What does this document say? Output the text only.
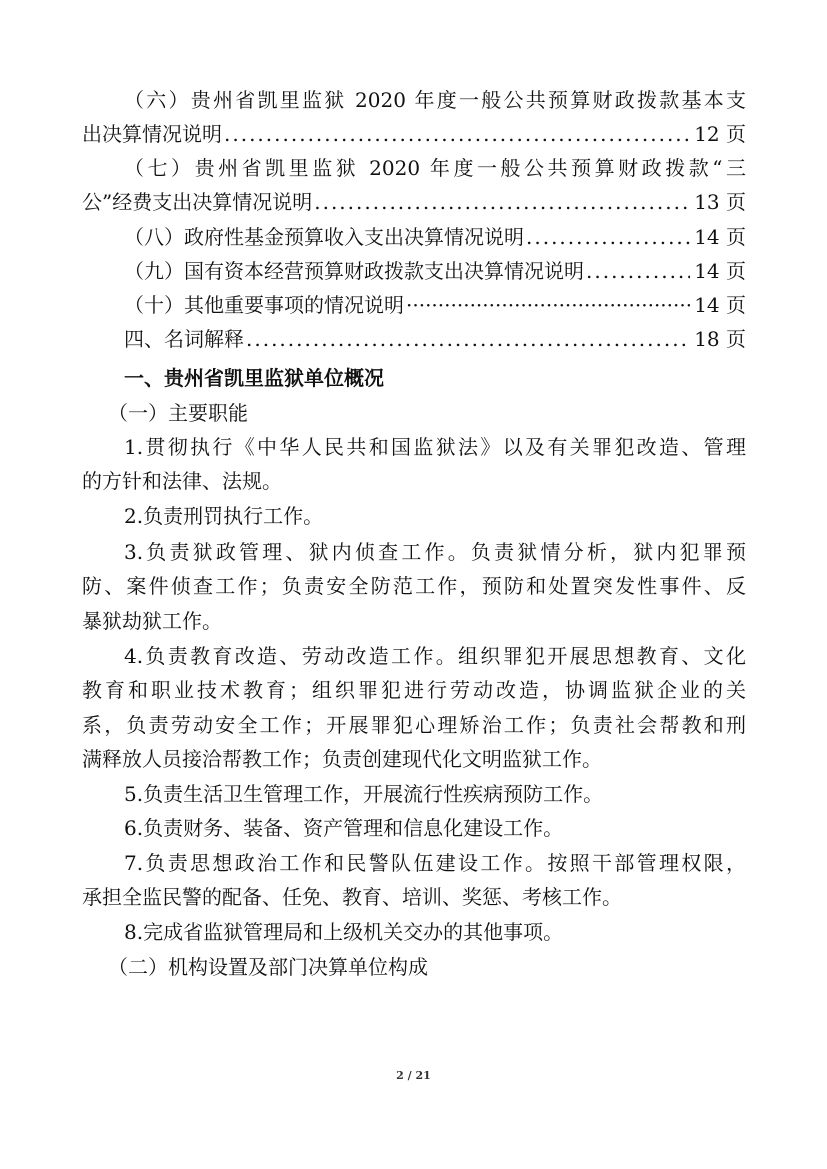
（六）贵州省凯里监狱 2020 年度一般公共预算财政拨款基本支
出决算情况说明 .....	12 页
（七）贵州省凯里监狱 2020 年度一般公共预算财政拨款“三
公”经费支出决算情况说明 .....	13 页
（八）政府性基金预算收入支出决算情况说明 .....	14 页
（九）国有资本经营预算财政拨款支出决算情况说明 .....	14 页
（十）其他重要事项的情况说明 ·····	14 页
四、名词解释 .....	18 页
一、贵州省凯里监狱单位概况
（一）主要职能
1.贯彻执行《中华人民共和国监狱法》以及有关罪犯改造、管理
的方针和法律、法规。
2.负责刑罚执行工作。
3.负责狱政管理、狱内侦查工作。负责狱情分析，狱内犯罪预
防、案件侦查工作；负责安全防范工作，预防和处置突发性事件、反
暴狱劫狱工作。
4.负责教育改造、劳动改造工作。组织罪犯开展思想教育、文化
教育和职业技术教育；组织罪犯进行劳动改造，协调监狱企业的关
系，负责劳动安全工作；开展罪犯心理矫治工作；负责社会帮教和刑
满释放人员接洽帮教工作；负责创建现代化文明监狱工作。
5.负责生活卫生管理工作，开展流行性疾病预防工作。
6.负责财务、装备、资产管理和信息化建设工作。
7.负责思想政治工作和民警队伍建设工作。按照干部管理权限，
承担全监民警的配备、任免、教育、培训、奖惩、考核工作。
8.完成省监狱管理局和上级机关交办的其他事项。
（二）机构设置及部门决算单位构成
2 / 21
